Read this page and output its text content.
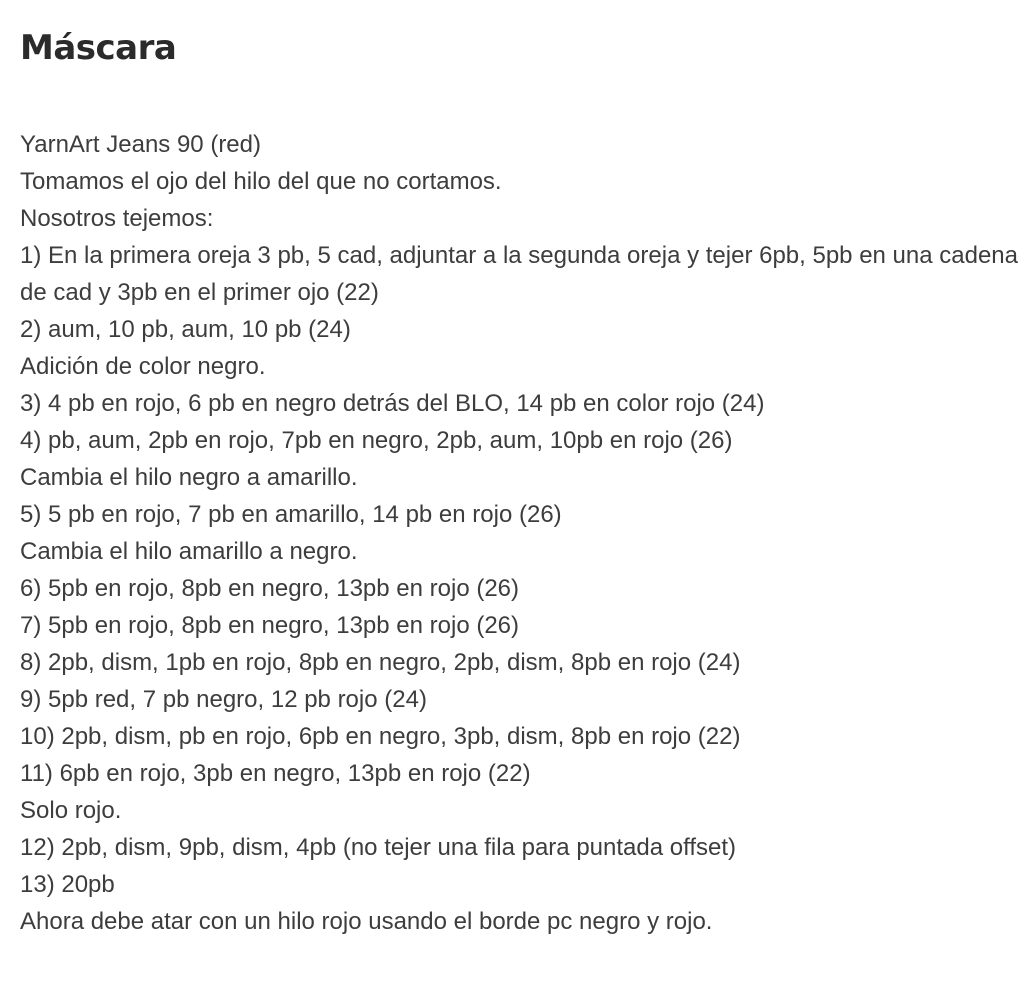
Máscara
YarnArt Jeans 90 (red)
Tomamos el ojo del hilo del que no cortamos.
Nosotros tejemos:
1) En la primera oreja 3 pb, 5 cad, adjuntar a la segunda oreja y tejer 6pb, 5pb en una cadena de cad y 3pb en el primer ojo (22)
2) aum, 10 pb, aum, 10 pb (24)
Adición de color negro.
3) 4 pb en rojo, 6 pb en negro detrás del BLO, 14 pb en color rojo (24)
4) pb, aum, 2pb en rojo, 7pb en negro, 2pb, aum, 10pb en rojo (26)
Cambia el hilo negro a amarillo.
5) 5 pb en rojo, 7 pb en amarillo, 14 pb en rojo (26)
Cambia el hilo amarillo a negro.
6) 5pb en rojo, 8pb en negro, 13pb en rojo (26)
7) 5pb en rojo, 8pb en negro, 13pb en rojo (26)
8) 2pb, dism, 1pb en rojo, 8pb en negro, 2pb, dism, 8pb en rojo (24)
9) 5pb red, 7 pb negro, 12 pb rojo (24)
10) 2pb, dism, pb en rojo, 6pb en negro, 3pb, dism, 8pb en rojo (22)
11) 6pb en rojo, 3pb en negro, 13pb en rojo (22)
Solo rojo.
12) 2pb, dism, 9pb, dism, 4pb (no tejer una fila para puntada offset)
13) 20pb
Ahora debe atar con un hilo rojo usando el borde pc negro y rojo.
